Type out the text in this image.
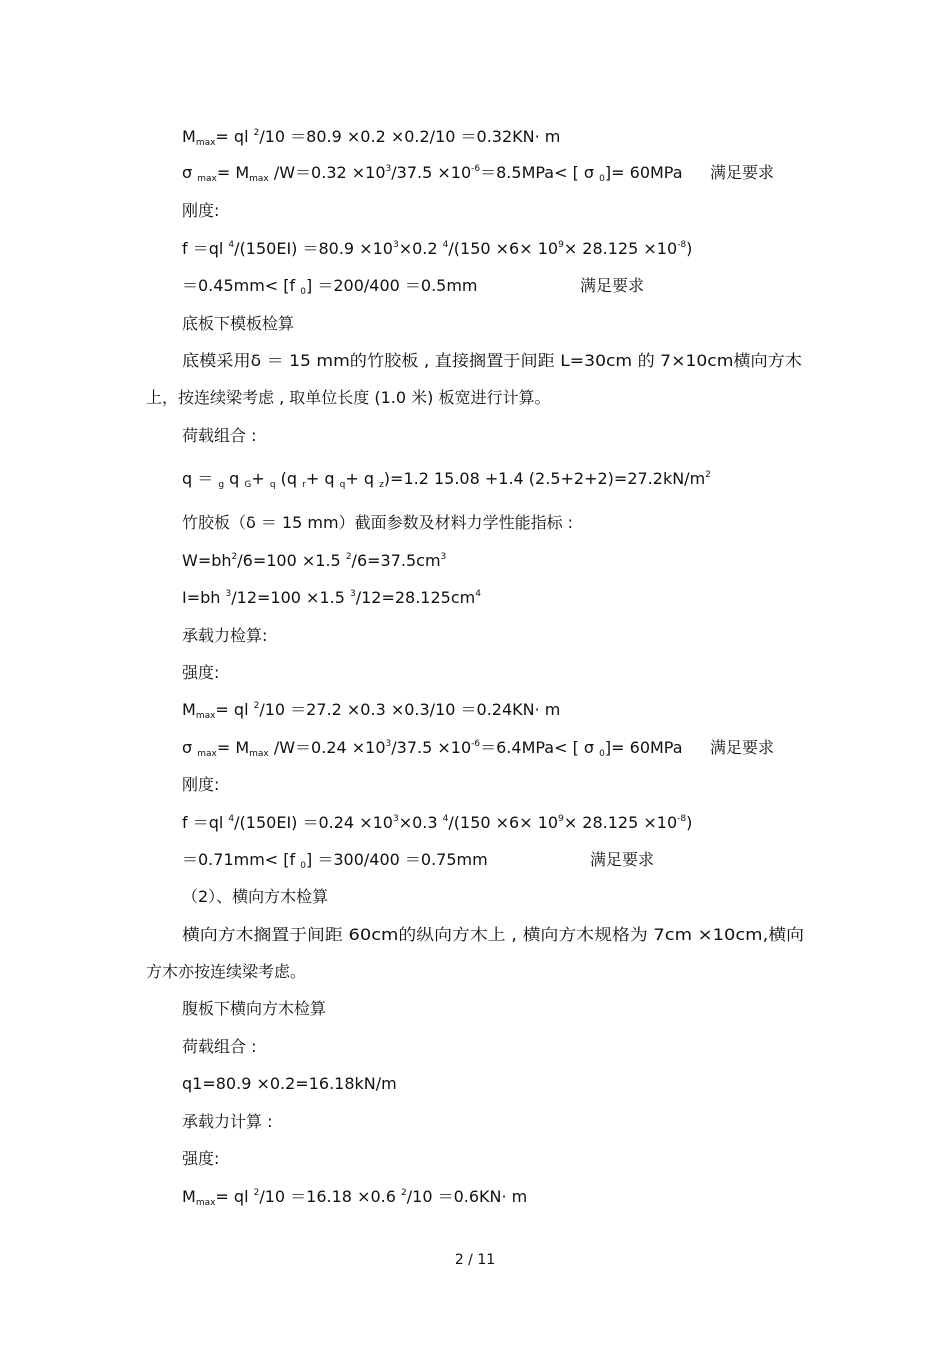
$M_{max}=$ ql $^2$/10 ＝80.9 ×0.2 ×0.2/10 ＝0.32KN· m
σ $_{max}= M_{max}$ $/W=0.32 \times 10^3/37.5 \times 10^{-6}=8.5MPa<$ [ σ $_0$]= 60MPa 满足要求
刚度:
f ＝ql $^4/(150EI) =80.9 \times 10^3\times 0.2$ $^4/(150 \times 6\times 10^9\times 28.125 \times 10^{-8})$
＝0.45mm< [f $_0$] ＝200/400 ＝0.5mm	满足要求
底板下模板检算
底模采用δ ＝ 15 mm的竹胶板 , 直接搁置于间距 L=30cm 的 7×10cm横向方木
上，按连续梁考虑 , 取单位长度 (1.0 米) 板宽进行计算。
荷载组合 :
q ＝ $_g$ q $_G$+ $_q$ (q $_r$+ q $_q$+ q $_z$)=1.2 15.08 +1.4 $(2.5+2+2)=27.2kN/m^2$
竹胶板（δ ＝ 15 mm）截面参数及材料力学性能指标 :
$W=bh^2/6=100 \times 1.5$ $^2/6=37.5cm^3$
I=bh $^3$/12=100 ×1.5 $^3/12=28.125cm^4$
承载力检算:
强度:
$M_{max}=$ ql $^2$/10 ＝27.2 ×0.3 ×0.3/10 ＝0.24KN· m
σ $_{max}= M_{max}$ $/W=0.24 \times 10^3/37.5 \times 10^{-6}=6.4MPa<$ [ σ $_0$]= 60MPa 满足要求
刚度:
f ＝ql $^4/(150EI) =0.24 \times 10^3\times 0.3$ $^4/(150 \times 6\times 10^9\times 28.125 \times 10^{-8})$
＝0.71mm< [f $_0$] ＝300/400 ＝0.75mm	满足要求
（2）、横向方木检算
横向方木搁置于间距 60cm的纵向方木上 , 横向方木规格为 7cm ×10cm,横向
方木亦按连续梁考虑。
腹板下横向方木检算
荷载组合 :
q1=80.9 ×0.2=16.18kN/m
承载力计算 :
强度:
$M_{max}=$ ql $^2$/10 ＝16.18 ×0.6 $^2$/10 ＝0.6KN· m
2 / 11
